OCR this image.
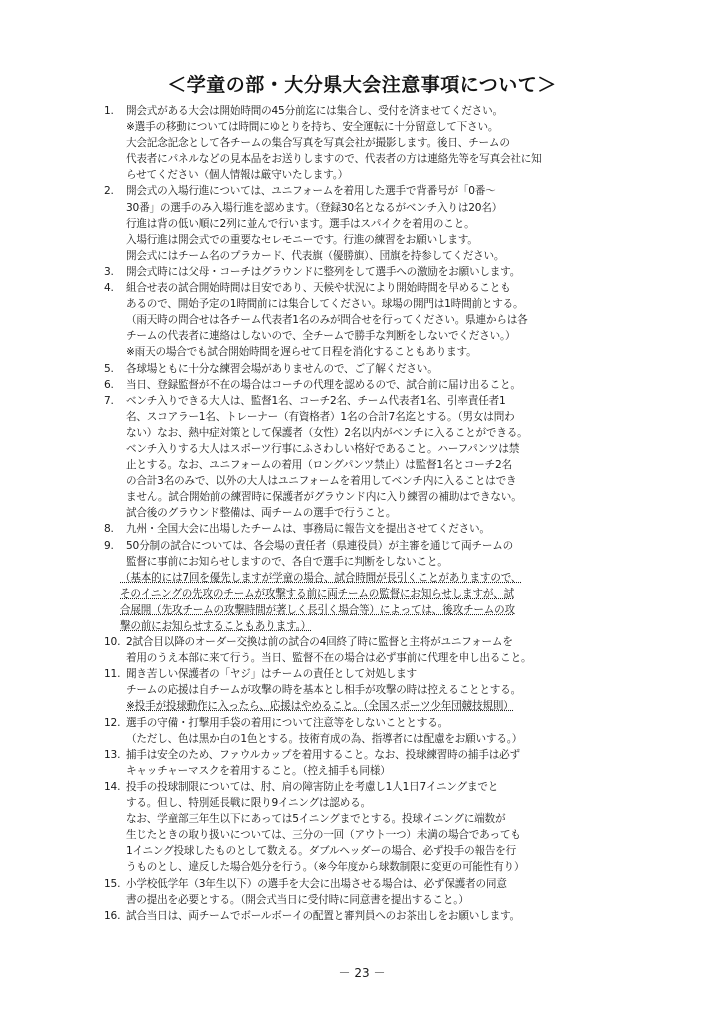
＜学童の部・大分県大会注意事項について＞
1.	開会式がある大会は開始時間の45分前迄には集合し、受付を済ませてください。
※選手の移動については時間にゆとりを持ち、安全運転に十分留意して下さい。
大会記念記念として各チームの集合写真を写真会社が撮影します。後日、チームの
代表者にパネルなどの見本品をお送りしますので、代表者の方は連絡先等を写真会社に知
らせてください（個人情報は厳守いたします。）
2.	開会式の入場行進については、ユニフォームを着用した選手で背番号が「0番～
30番」の選手のみ入場行進を認めます。（登録30名となるがベンチ入りは20名）
行進は背の低い順に2列に並んで行います。選手はスパイクを着用のこと。
入場行進は開会式での重要なセレモニーです。行進の練習をお願いします。
開会式にはチーム名のプラカード、代表旗（優勝旗）、団旗を持参してください。
3.	開会式時には父母・コーチはグラウンドに整列をして選手への激励をお願いします。
4.	組合せ表の試合開始時間は目安であり、天候や状況により開始時間を早めることも
あるので、開始予定の1時間前には集合してください。球場の開門は1時間前とする。
（雨天時の問合せは各チーム代表者1名のみが問合せを行ってください。県連からは各
チームの代表者に連絡はしないので、全チームで勝手な判断をしないでください。）
※雨天の場合でも試合開始時間を遅らせて日程を消化することもあります。
5.	各球場ともに十分な練習会場がありませんので、ご了解ください。
6.	当日、登録監督が不在の場合はコーチの代理を認めるので、試合前に届け出ること。
7.	ベンチ入りできる大人は、監督1名、コーチ2名、チーム代表者1名、引率責任者1
名、スコアラー1名、トレーナー（有資格者）1名の合計7名迄とする。（男女は問わ
ない）なお、熱中症対策として保護者（女性）2名以内がベンチに入ることができる。
ベンチ入りする大人はスポーツ行事にふさわしい格好であること。ハーフパンツは禁
止とする。なお、ユニフォームの着用（ロングパンツ禁止）は監督1名とコーチ2名
の合計3名のみで、以外の大人はユニフォームを着用してベンチ内に入ることはでき
ません。試合開始前の練習時に保護者がグラウンド内に入り練習の補助はできない。
試合後のグラウンド整備は、両チームの選手で行うこと。
8.	九州・全国大会に出場したチームは、事務局に報告文を提出させてください。
9.	50分制の試合については、各会場の責任者（県連役員）が主審を通じて両チームの
監督に事前にお知らせしますので、各自で選手に判断をしないこと。
（基本的には7回を優先しますが学童の場合、試合時間が長引くことがありますので、
そのイニングの先攻のチームが攻撃する前に両チームの監督にお知らせしますが、試
合展開（先攻チームの攻撃時間が著しく長引く場合等）によっては、後攻チームの攻
撃の前にお知らせすることもあります。）
10. 2試合目以降のオーダー交換は前の試合の4回終了時に監督と主将がユニフォームを
着用のうえ本部に来て行う。当日、監督不在の場合は必ず事前に代理を申し出ること。
11. 聞き苦しい保護者の「ヤジ」はチームの責任として対処します
チームの応援は自チームが攻撃の時を基本とし相手が攻撃の時は控えることとする。
※投手が投球動作に入ったら、応援はやめること。（全国スポーツ少年団競技規則）
12. 選手の守備・打撃用手袋の着用について注意等をしないこととする。
（ただし、色は黒か白の1色とする。技術育成の為、指導者には配慮をお願いする。）
13. 捕手は安全のため、ファウルカップを着用すること。なお、投球練習時の捕手は必ず
キャッチャーマスクを着用すること。（控え捕手も同様）
14. 投手の投球制限については、肘、肩の障害防止を考慮し1人1日7イニングまでと
する。但し、特別延長戦に限り9イニングは認める。
なお、学童部三年生以下にあっては5イニングまでとする。投球イニングに端数が
生じたときの取り扱いについては、三分の一回（アウト一つ）未満の場合であっても
1イニング投球したものとして数える。ダブルヘッダーの場合、必ず投手の報告を行
うものとし、違反した場合処分を行う。（※今年度から球数制限に変更の可能性有り）
15. 小学校低学年（3年生以下）の選手を大会に出場させる場合は、必ず保護者の同意
書の提出を必要とする。（開会式当日に受付時に同意書を提出すること。）
16. 試合当日は、両チームでボールボーイの配置と審判員へのお茶出しをお願いします。
－ 23 －
